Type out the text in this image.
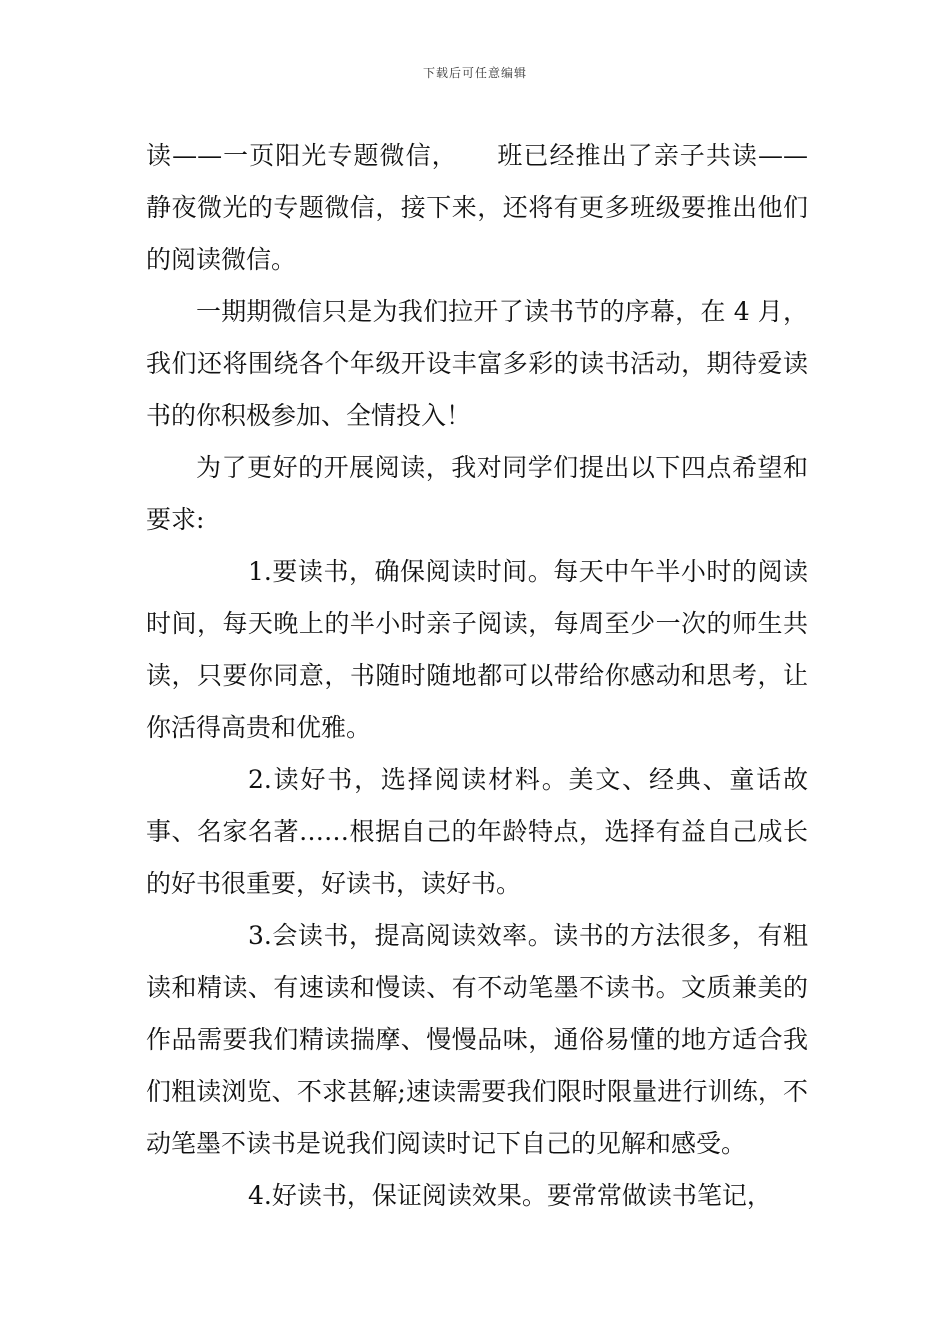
下载后可任意编辑

读——一页阳光专题微信，　　班已经推出了亲子共读——静夜微光的专题微信，接下来，还将有更多班级要推出他们的阅读微信。

一期期微信只是为我们拉开了读书节的序幕，在 4 月，我们还将围绕各个年级开设丰富多彩的读书活动，期待爱读书的你积极参加、全情投入！

为了更好的开展阅读，我对同学们提出以下四点希望和要求:

1.要读书，确保阅读时间。每天中午半小时的阅读时间，每天晚上的半小时亲子阅读，每周至少一次的师生共读，只要你同意，书随时随地都可以带给你感动和思考，让你活得高贵和优雅。

2.读好书，选择阅读材料。美文、经典、童话故事、名家名著……根据自己的年龄特点，选择有益自己成长的好书很重要，好读书，读好书。

3.会读书，提高阅读效率。读书的方法很多，有粗读和精读、有速读和慢读、有不动笔墨不读书。文质兼美的作品需要我们精读揣摩、慢慢品味，通俗易懂的地方适合我们粗读浏览、不求甚解;速读需要我们限时限量进行训练，不动笔墨不读书是说我们阅读时记下自己的见解和感受。

4.好读书，保证阅读效果。要常常做读书笔记，
